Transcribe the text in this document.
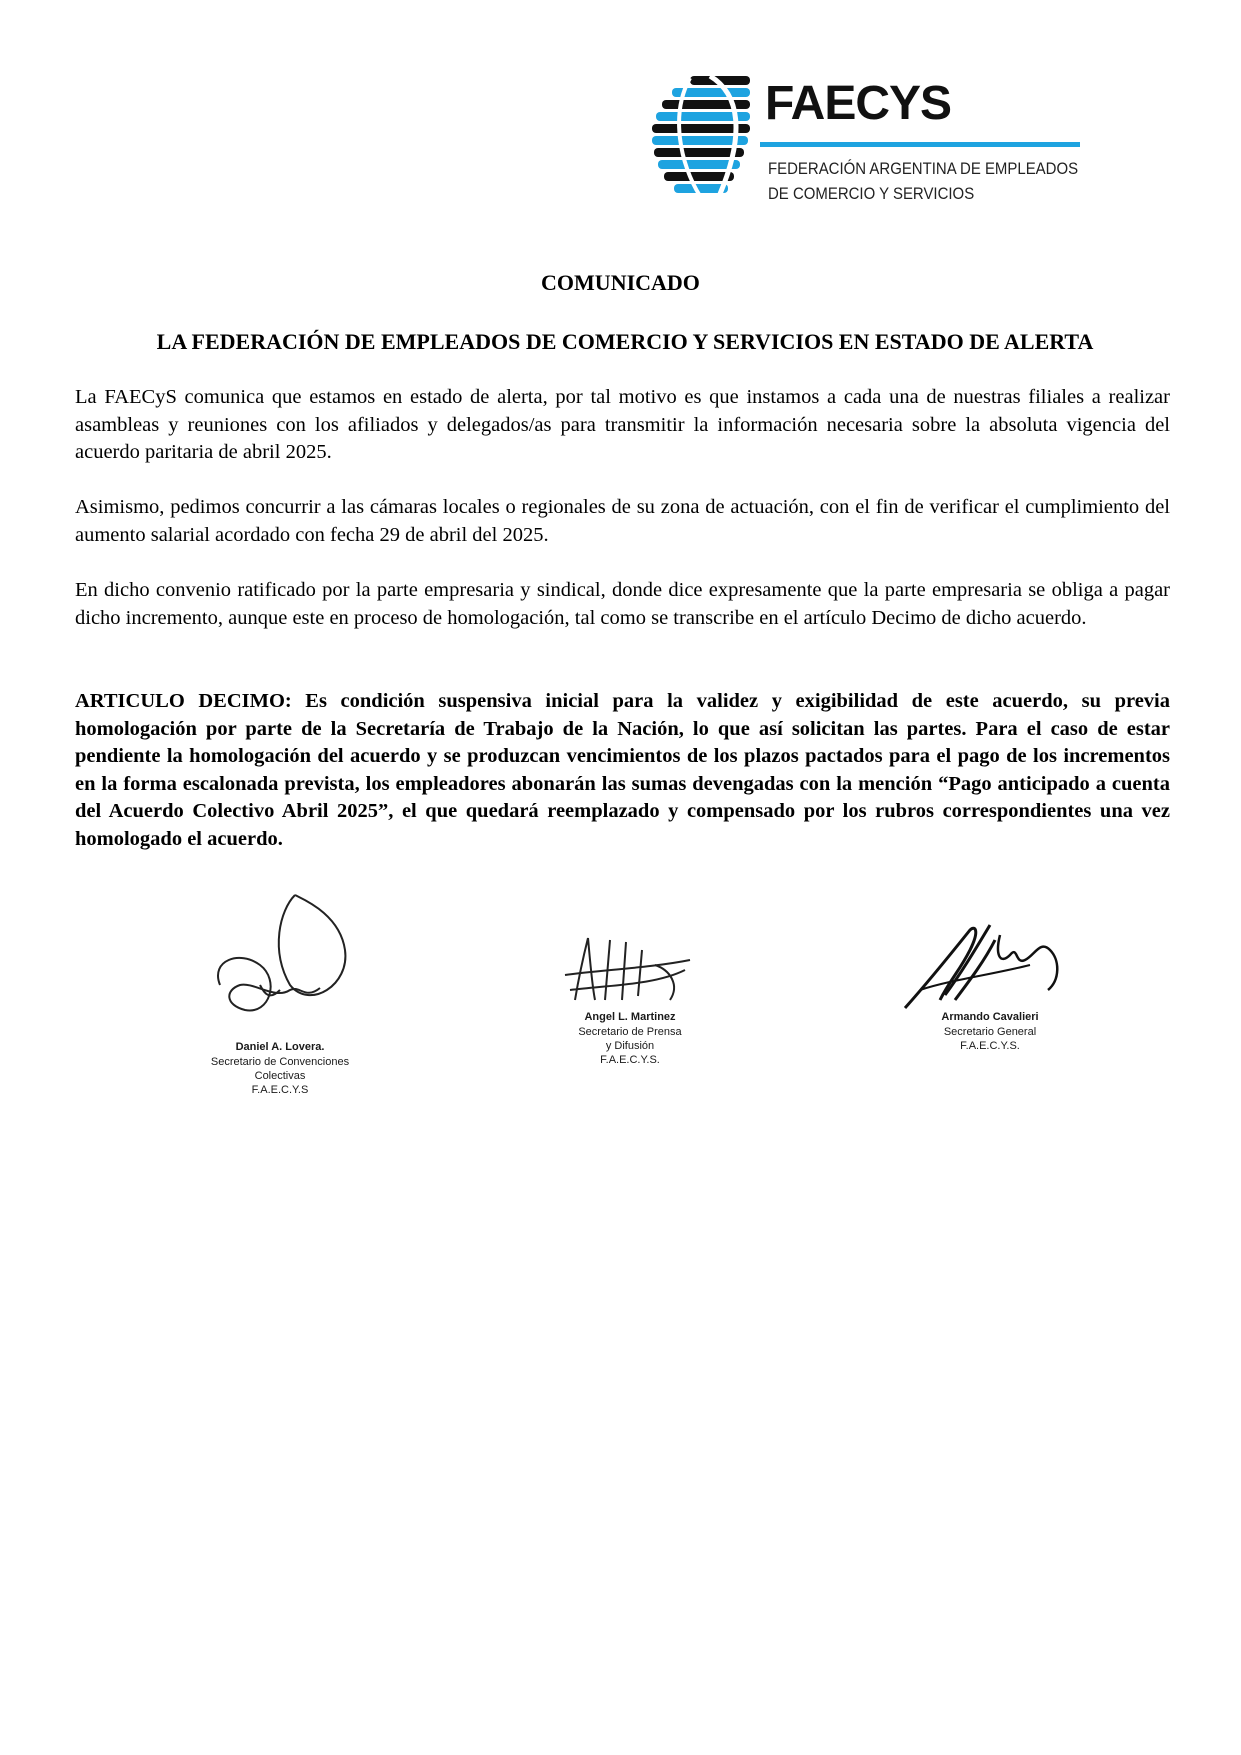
FAECYS
FEDERACIÓN ARGENTINA DE EMPLEADOS
DE COMERCIO Y SERVICIOS
COMUNICADO
LA FEDERACIÓN DE EMPLEADOS DE COMERCIO Y SERVICIOS EN ESTADO DE ALERTA

La FAECyS comunica que estamos en estado de alerta, por tal motivo es que instamos a cada una de nuestras filiales a realizar asambleas y reuniones con los afiliados y delegados/as para transmitir la información necesaria sobre la absoluta vigencia del acuerdo paritaria de abril 2025.

Asimismo, pedimos concurrir a las cámaras locales o regionales de su zona de actuación, con el fin de verificar el cumplimiento del aumento salarial acordado con fecha 29 de abril del 2025.

En dicho convenio ratificado por la parte empresaria y sindical, donde dice expresamente que la parte empresaria se obliga a pagar dicho incremento, aunque este en proceso de homologación, tal como se transcribe en el artículo Decimo de dicho acuerdo.

ARTICULO DECIMO: Es condición suspensiva inicial para la validez y exigibilidad de este acuerdo, su previa homologación por parte de la Secretaría de Trabajo de la Nación, lo que así solicitan las partes. Para el caso de estar pendiente la homologación del acuerdo y se produzcan vencimientos de los plazos pactados para el pago de los incrementos en la forma escalonada prevista, los empleadores abonarán las sumas devengadas con la mención “Pago anticipado a cuenta del Acuerdo Colectivo Abril 2025”, el que quedará reemplazado y compensado por los rubros correspondientes una vez homologado el acuerdo.

Daniel A. Lovera.
Secretario de Convenciones
Colectivas
F.A.E.C.Y.S
Angel L. Martinez
Secretario de Prensa
y Difusión
F.A.E.C.Y.S.
Armando Cavalieri
Secretario General
F.A.E.C.Y.S.
